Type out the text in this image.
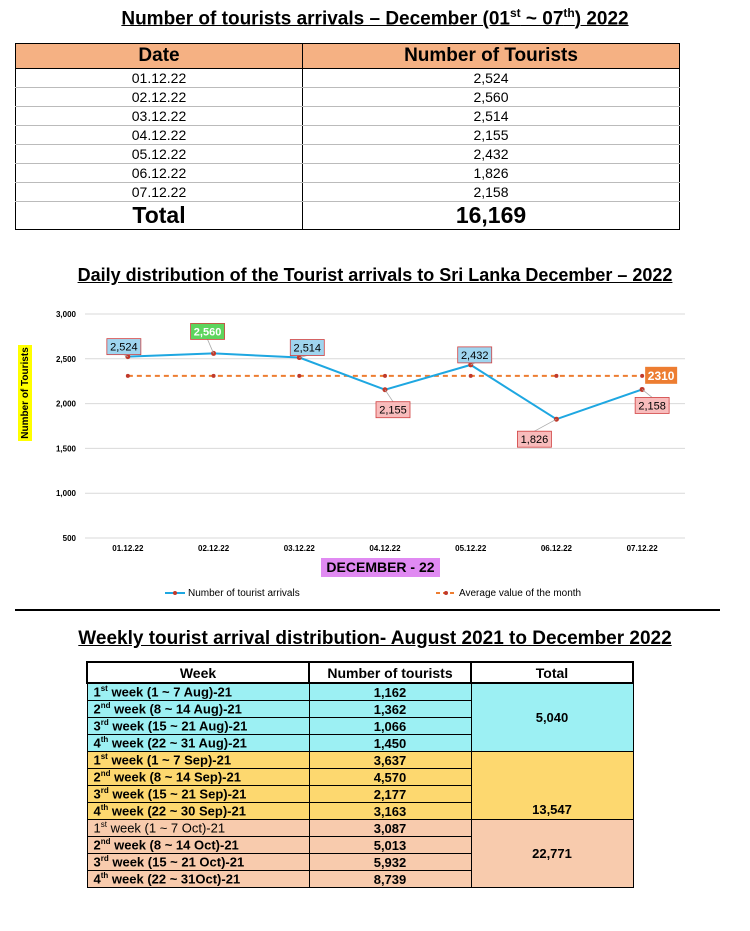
Number of tourists arrivals – December (01st ~ 07th) 2022
Date	Number of Tourists
01.12.22	2,524
02.12.22	2,560
03.12.22	2,514
04.12.22	2,155
05.12.22	2,432
06.12.22	1,826
07.12.22	2,158
Total	16,169
Daily distribution of the Tourist arrivals to Sri Lanka December – 2022
500
1,000
1,500
2,000
2,500
3,000
01.12.22	02.12.22	03.12.22	04.12.22	05.12.22	06.12.22	07.12.22
2,524
2,560
2,514
2,155
2,432
1,826
2,158
2310
Number of Tourists
DECEMBER - 22
Number of tourist arrivals	Average value of the month
Weekly tourist arrival distribution- August 2021 to December 2022
Week	Number of tourists	Total
1st week (1 ~ 7 Aug)-21	1,162	5,040
2nd week (8 ~ 14 Aug)-21	1,362	
3rd week (15 ~ 21 Aug)-21	1,066	
4th week (22 ~ 31 Aug)-21	1,450	
1st week (1 ~ 7 Sep)-21	3,637	13,547
2nd week (8 ~ 14 Sep)-21	4,570	
3rd week (15 ~ 21 Sep)-21	2,177	
4th week (22 ~ 30 Sep)-21	3,163	
1st week (1 ~ 7 Oct)-21	3,087	22,771
2nd week (8 ~ 14 Oct)-21	5,013	
3rd week (15 ~ 21 Oct)-21	5,932	
4th week (22 ~ 31Oct)-21	8,739	
